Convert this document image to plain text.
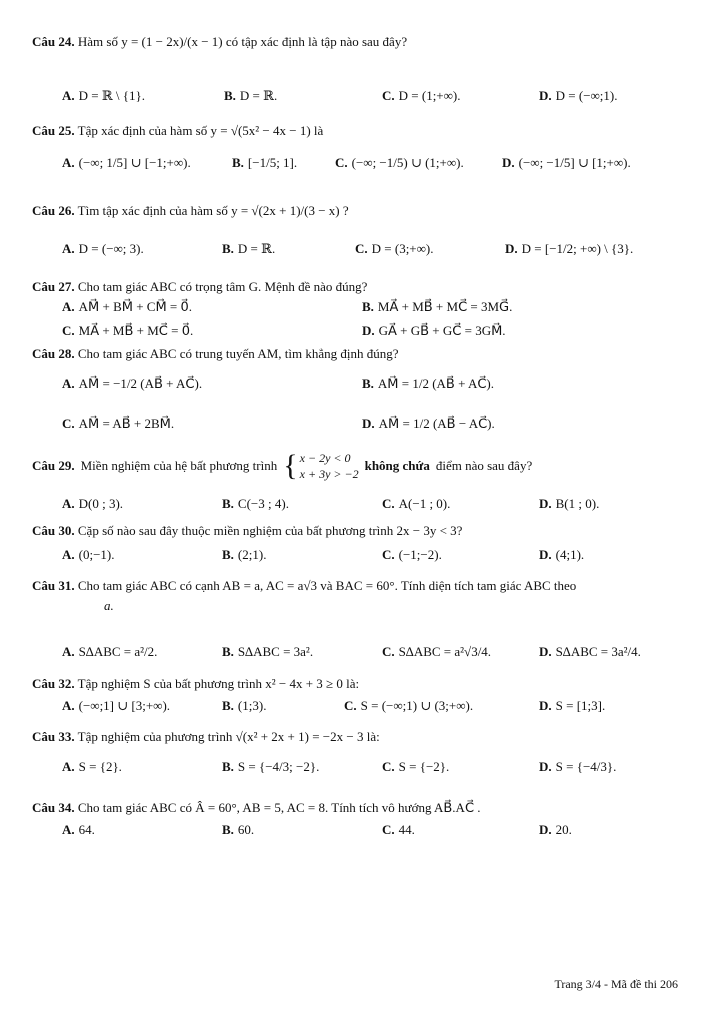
Câu 24. Hàm số y = (1 − 2x)/(x − 1) có tập xác định là tập nào sau đây?
A. D = ℝ \ {1}.	B. D = ℝ.	C. D = (1;+∞).	D. D = (−∞;1).
Câu 25. Tập xác định của hàm số y = √(5x² − 4x − 1) là
A. (−∞; 1/5] ∪ [−1;+∞).	B. [−1/5; 1].	C. (−∞; −1/5) ∪ (1;+∞).	D. (−∞; −1/5] ∪ [1;+∞).
Câu 26. Tìm tập xác định của hàm số y = √(2x + 1)/(3 − x) ?
A. D = (−∞; 3).	B. D = ℝ.	C. D = (3;+∞).	D. D = [−1/2; +∞) \ {3}.
Câu 27. Cho tam giác ABC có trọng tâm G. Mệnh đề nào đúng?
A. AM⃗ + BM⃗ + CM⃗ = 0⃗.	B. MA⃗ + MB⃗ + MC⃗ = 3MG⃗.
C. MA⃗ + MB⃗ + MC⃗ = 0⃗.	D. GA⃗ + GB⃗ + GC⃗ = 3GM⃗.
Câu 28. Cho tam giác ABC có trung tuyến AM, tìm khẳng định đúng?
A. AM⃗ = −1/2 (AB⃗ + AC⃗).	B. AM⃗ = 1/2 (AB⃗ + AC⃗).
C. AM⃗ = AB⃗ + 2BM⃗.	D. AM⃗ = 1/2 (AB⃗ − AC⃗).
Câu 29. Miền nghiệm của hệ bất phương trình { x − 2y < 0
x + 3y > −2
không chứa điểm nào sau đây?
A. D(0 ; 3).	B. C(−3 ; 4).	C. A(−1 ; 0).	D. B(1 ; 0).
Câu 30. Cặp số nào sau đây thuộc miền nghiệm của bất phương trình 2x − 3y < 3?
A. (0;−1).	B. (2;1).	C. (−1;−2).	D. (4;1).
Câu 31. Cho tam giác ABC có cạnh AB = a, AC = a√3 và BAC = 60°. Tính diện tích tam giác ABC theo
a.
A. S∆ABC = a²/2.	B. S∆ABC = 3a².	C. S∆ABC = a²√3/4.	D. S∆ABC = 3a²/4.
Câu 32. Tập nghiệm S của bất phương trình x² − 4x + 3 ≥ 0 là:
A. (−∞;1] ∪ [3;+∞).	B. (1;3).	C. S = (−∞;1) ∪ (3;+∞).	D. S = [1;3].
Câu 33. Tập nghiệm của phương trình √(x² + 2x + 1) = −2x − 3 là:
A. S = {2}.	B. S = {−4/3; −2}.	C. S = {−2}.	D. S = {−4/3}.
Câu 34. Cho tam giác ABC có Â = 60°, AB = 5, AC = 8. Tính tích vô hướng AB⃗.AC⃗ .
A. 64.	B. 60.	C. 44.	D. 20.
Trang 3/4 - Mã đề thi 206
